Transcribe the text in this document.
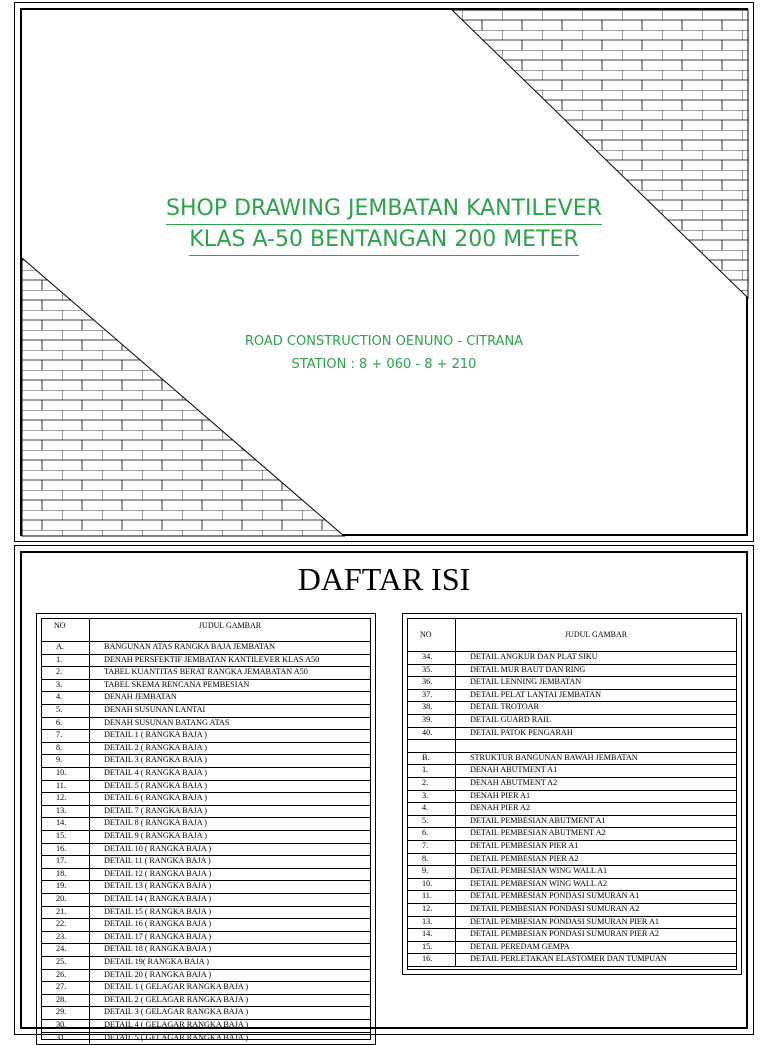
SHOP DRAWING JEMBATAN KANTILEVER
KLAS A-50 BENTANGAN 200 METER
ROAD CONSTRUCTION OENUNO - CITRANA
STATION : 8 + 060 - 8 + 210
DAFTAR ISI
NO	JUDUL GAMBAR
A.	BANGUNAN ATAS RANGKA BAJA JEMBATAN
1.	DENAH PERSFEKTIF JEMBATAN KANTILEVER KLAS A50
2.	TABEL KUANTITAS BERAT RANGKA JEMABATAN A50
3.	TABEL SKEMA RENCANA PEMBESIAN
4.	DENAH JEMBATAN
5.	DENAH SUSUNAN LANTAI
6.	DENAH SUSUNAN BATANG ATAS
7.	DETAIL 1 ( RANGKA BAJA )
8.	DETAIL 2 ( RANGKA BAJA )
9.	DETAIL 3 ( RANGKA BAJA )
10.	DETAIL 4 ( RANGKA BAJA )
11.	DETAIL 5 ( RANGKA BAJA )
12.	DETAIL 6 ( RANGKA BAJA )
13.	DETAIL 7 ( RANGKA BAJA )
14.	DETAIL 8 ( RANGKA BAJA )
15.	DETAIL 9 ( RANGKA BAJA )
16.	DETAIL 10 ( RANGKA BAJA )
17.	DETAIL 11 ( RANGKA BAJA )
18.	DETAIL 12 ( RANGKA BAJA )
19.	DETAIL 13 ( RANGKA BAJA )
20.	DETAIL 14 ( RANGKA BAJA )
21.	DETAIL 15 ( RANGKA BAJA )
22.	DETAIL 16 ( RANGKA BAJA )
23.	DETAIL 17 ( RANGKA BAJA )
24.	DETAIL 18 ( RANGKA BAJA )
25.	DETAIL 19( RANGKA BAJA )
26.	DETAIL 20 ( RANGKA BAJA )
27.	DETAIL 1 ( GELAGAR RANGKA BAJA )
28.	DETAIL 2 ( GELAGAR RANGKA BAJA )
29.	DETAIL 3 ( GELAGAR RANGKA BAJA )
30.	DETAIL 4 ( GELAGAR RANGKA BAJA )
31.	DETAIL 5 ( GELAGAR RANGKA BAJA )
NO	JUDUL GAMBAR
34.	DETAIL ANGKUR DAN PLAT SIKU
35.	DETAIL MUR BAUT DAN RING
36.	DETAIL LENNING JEMBATAN
37.	DETAIL PELAT LANTAI JEMBATAN
38.	DETAIL TROTOAR
39.	DETAIL GUARD RAIL
40.	DETAIL PATOK PENGARAH
B.	STRUKTUR BANGUNAN BAWAH JEMBATAN
1.	DENAH ABUTMENT A1
2.	DENAH ABUTMENT A2
3.	DENAH PIER A1
4.	DENAH PIER A2
5.	DETAIL PEMBESIAN ABUTMENT A1
6.	DETAIL PEMBESIAN ABUTMENT A2
7.	DETAIL PEMBESIAN PIER A1
8.	DETAIL PEMBESIAN PIER A2
9.	DETAIL PEMBESIAN WING WALL A1
10.	DETAIL PEMBESIAN WING WALL A2
11.	DETAIL PEMBESIAN PONDASI SUMURAN A1
12.	DETAIL PEMBESIAN PONDASI SUMURAN A2
13.	DETAIL PEMBESIAN PONDASI SUMURAN PIER A1
14.	DETAIL PEMBESIAN PONDASI SUMURAN PIER A2
15.	DETAIL PEREDAM GEMPA
16.	DETAIL PERLETAKAN ELASTOMER DAN TUMPUAN
